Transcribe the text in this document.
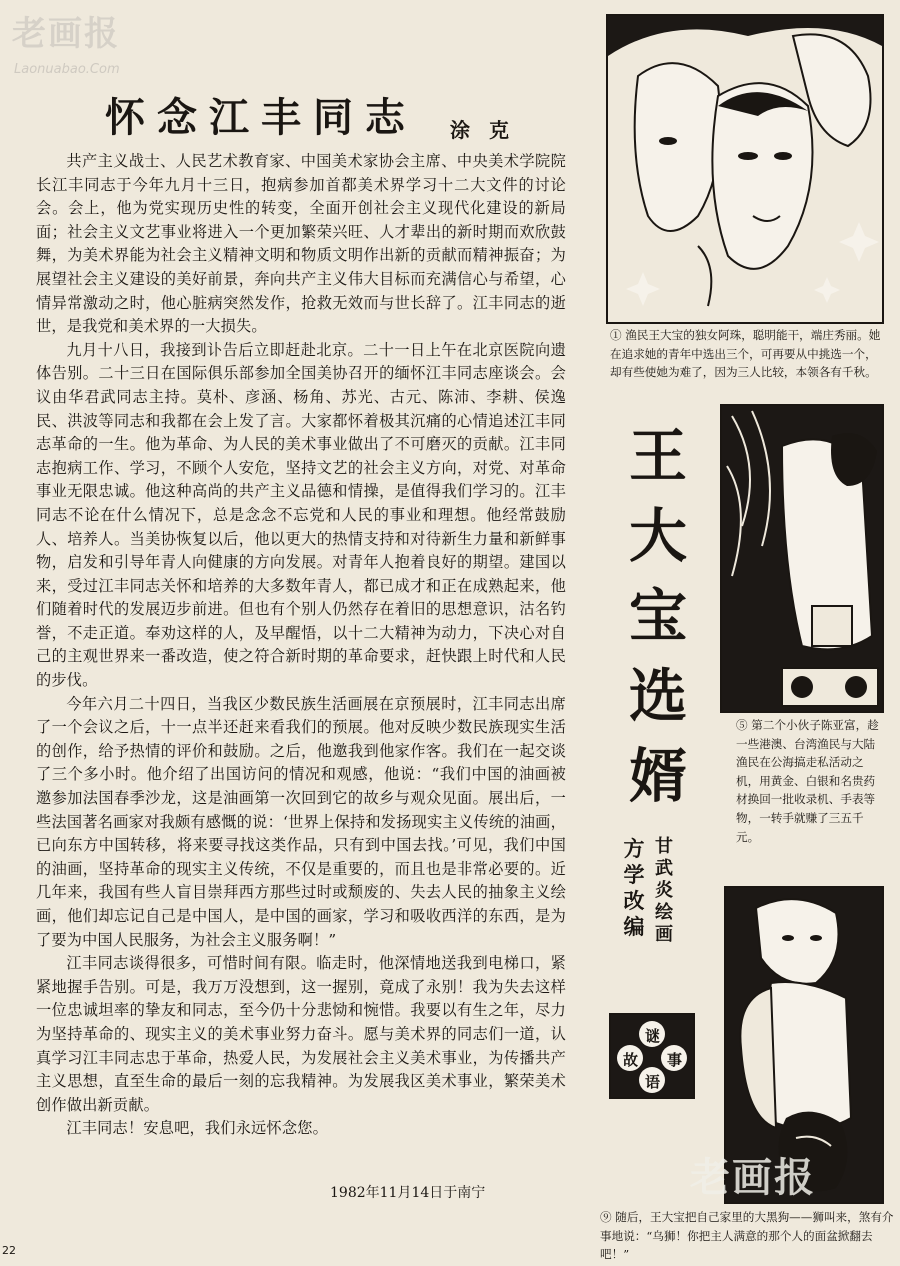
老画报
Laonuabao.Com
怀念江丰同志 涂 克

共产主义战士、人民艺术教育家、中国美术家协会主席、中央美术学院院长江丰同志于今年九月十三日，抱病参加首都美术界学习十二大文件的讨论会。会上，他为党实现历史性的转变，全面开创社会主义现代化建设的新局面；社会主义文艺事业将进入一个更加繁荣兴旺、人才辈出的新时期而欢欣鼓舞，为美术界能为社会主义精神文明和物质文明作出新的贡献而精神振奋；为展望社会主义建设的美好前景，奔向共产主义伟大目标而充满信心与希望，心情异常激动之时，他心脏病突然发作，抢救无效而与世长辞了。江丰同志的逝世，是我党和美术界的一大损失。

九月十八日，我接到讣告后立即赶赴北京。二十一日上午在北京医院向遗体告别。二十三日在国际俱乐部参加全国美协召开的缅怀江丰同志座谈会。会议由华君武同志主持。莫朴、彦涵、杨角、苏光、古元、陈沛、李耕、侯逸民、洪波等同志和我都在会上发了言。大家都怀着极其沉痛的心情追述江丰同志革命的一生。他为革命、为人民的美术事业做出了不可磨灭的贡献。江丰同志抱病工作、学习，不顾个人安危，坚持文艺的社会主义方向，对党、对革命事业无限忠诚。他这种高尚的共产主义品德和情操，是值得我们学习的。江丰同志不论在什么情况下，总是念念不忘党和人民的事业和理想。他经常鼓励人、培养人。当美协恢复以后，他以更大的热情支持和对待新生力量和新鲜事物，启发和引导年青人向健康的方向发展。对青年人抱着良好的期望。建国以来，受过江丰同志关怀和培养的大多数年青人，都已成才和正在成熟起来，他们随着时代的发展迈步前进。但也有个别人仍然存在着旧的思想意识，沽名钓誉，不走正道。奉劝这样的人，及早醒悟，以十二大精神为动力，下决心对自己的主观世界来一番改造，使之符合新时期的革命要求，赶快跟上时代和人民的步伐。

今年六月二十四日，当我区少数民族生活画展在京预展时，江丰同志出席了一个会议之后，十一点半还赶来看我们的预展。他对反映少数民族现实生活的创作，给予热情的评价和鼓励。之后，他邀我到他家作客。我们在一起交谈了三个多小时。他介绍了出国访问的情况和观感，他说：“我们中国的油画被邀参加法国春季沙龙，这是油画第一次回到它的故乡与观众见面。展出后，一些法国著名画家对我颇有感慨的说：‘世界上保持和发扬现实主义传统的油画，已向东方中国转移，将来要寻找这类作品，只有到中国去找。’可见，我们中国的油画，坚持革命的现实主义传统，不仅是重要的，而且也是非常必要的。近几年来，我国有些人盲目崇拜西方那些过时或颓废的、失去人民的抽象主义绘画，他们却忘记自己是中国人，是中国的画家，学习和吸收西洋的东西，是为了要为中国人民服务，为社会主义服务啊！”

江丰同志谈得很多，可惜时间有限。临走时，他深情地送我到电梯口，紧紧地握手告别。可是，我万万没想到，这一握别，竟成了永别！我为失去这样一位忠诚坦率的挚友和同志，至今仍十分悲恸和惋惜。我要以有生之年，尽力为坚持革命的、现实主义的美术事业努力奋斗。愿与美术界的同志们一道，认真学习江丰同志忠于革命，热爱人民，为发展社会主义美术事业，为传播共产主义思想，直至生命的最后一刻的忘我精神。为发展我区美术事业，繁荣美术创作做出新贡献。

江丰同志！安息吧，我们永远怀念您。

1982年11月14日于南宁
① 渔民王大宝的独女阿珠，聪明能干，端庄秀丽。她在追求她的青年中选出三个，可再要从中挑选一个，却有些使她为难了，因为三人比较，本领各有千秋。
王
大
宝
选
婿
⑤ 第二个小伙子陈亚富，趁一些港澳、台湾渔民与大陆渔民在公海搞走私活动之机，用黄金、白银和名贵药材换回一批收录机、手表等物，一转手就赚了三五千元。
方
学
改
编
甘
武
炎
绘
画
谜
故 事
语
老画报
⑨ 随后，王大宝把自己家里的大黑狗——狮叫来，煞有介事地说：“乌狮！你把主人满意的那个人的面盆掀翻去吧！”
22
